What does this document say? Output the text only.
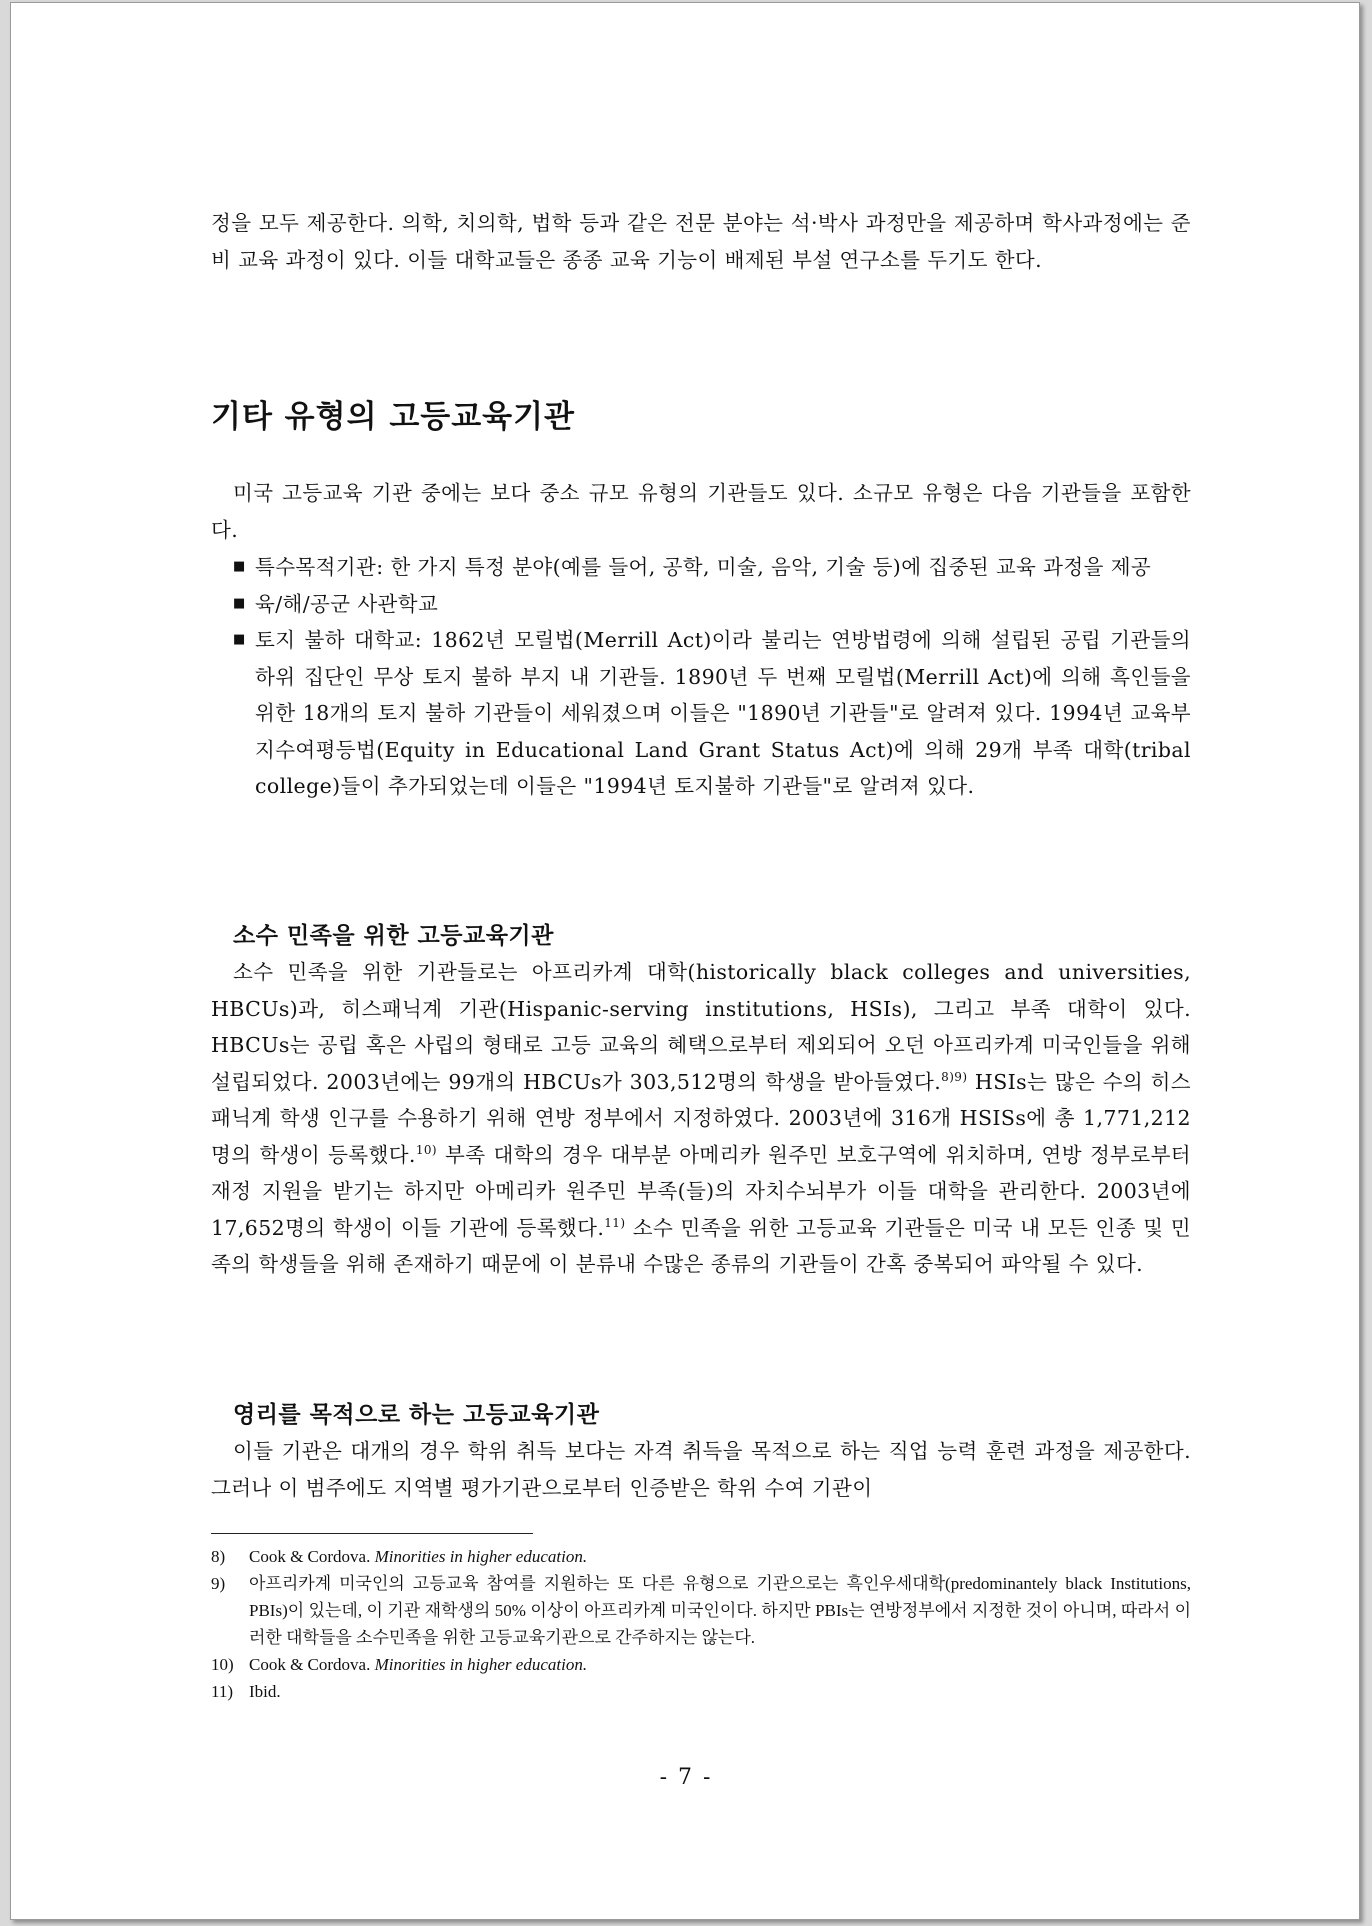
정을 모두 제공한다. 의학, 치의학, 법학 등과 같은 전문 분야는 석·박사 과정만을 제공하며 학사과정에는 준비 교육 과정이 있다. 이들 대학교들은 종종 교육 기능이 배제된 부설 연구소를 두기도 한다.

기타 유형의 고등교육기관

미국 고등교육 기관 중에는 보다 중소 규모 유형의 기관들도 있다. 소규모 유형은 다음 기관들을 포함한다.

■ 특수목적기관: 한 가지 특정 분야(예를 들어, 공학, 미술, 음악, 기술 등)에 집중된 교육 과정을 제공
■ 육/해/공군 사관학교
■ 토지 불하 대학교: 1862년 모릴법(Merrill Act)이라 불리는 연방법령에 의해 설립된 공립 기관들의 하위 집단인 무상 토지 불하 부지 내 기관들. 1890년 두 번째 모릴법(Merrill Act)에 의해 흑인들을 위한 18개의 토지 불하 기관들이 세워졌으며 이들은 "1890년 기관들"로 알려져 있다. 1994년 교육부지수여평등법(Equity in Educational Land Grant Status Act)에 의해 29개 부족 대학(tribal college)들이 추가되었는데 이들은 "1994년 토지불하 기관들"로 알려져 있다.
소수 민족을 위한 고등교육기관

소수 민족을 위한 기관들로는 아프리카계 대학(historically black colleges and universities, HBCUs)과, 히스패닉계 기관(Hispanic-serving institutions, HSIs), 그리고 부족 대학이 있다. HBCUs는 공립 혹은 사립의 형태로 고등 교육의 혜택으로부터 제외되어 오던 아프리카계 미국인들을 위해 설립되었다. 2003년에는 99개의 HBCUs가 303,512명의 학생을 받아들였다.$^{8)9)}$ HSIs는 많은 수의 히스패닉계 학생 인구를 수용하기 위해 연방 정부에서 지정하였다. 2003년에 316개 HSISs에 총 1,771,212명의 학생이 등록했다.$^{10)}$ 부족 대학의 경우 대부분 아메리카 원주민 보호구역에 위치하며, 연방 정부로부터 재정 지원을 받기는 하지만 아메리카 원주민 부족(들)의 자치수뇌부가 이들 대학을 관리한다. 2003년에 17,652명의 학생이 이들 기관에 등록했다.$^{11)}$ 소수 민족을 위한 고등교육 기관들은 미국 내 모든 인종 및 민족의 학생들을 위해 존재하기 때문에 이 분류내 수많은 종류의 기관들이 간혹 중복되어 파악될 수 있다.

영리를 목적으로 하는 고등교육기관

이들 기관은 대개의 경우 학위 취득 보다는 자격 취득을 목적으로 하는 직업 능력 훈련 과정을 제공한다. 그러나 이 범주에도 지역별 평가기관으로부터 인증받은 학위 수여 기관이

8) Cook & Cordova. Minorities in higher education.
9) 아프리카계 미국인의 고등교육 참여를 지원하는 또 다른 유형으로 기관으로는 흑인우세대학(predominantely black Institutions, PBIs)이 있는데, 이 기관 재학생의 50% 이상이 아프리카계 미국인이다. 하지만 PBIs는 연방정부에서 지정한 것이 아니며, 따라서 이러한 대학들을 소수민족을 위한 고등교육기관으로 간주하지는 않는다.
10) Cook & Cordova. Minorities in higher education.
11) Ibid.
- 7 -
